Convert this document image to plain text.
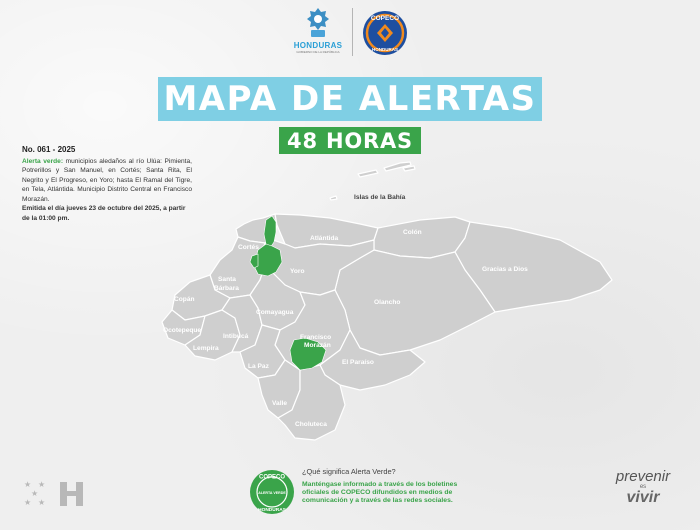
HONDURAS
GOBIERNO DE LA REPÚBLICA
COPECO
HONDURAS
MAPA DE ALERTAS
48 HORAS
No. 061 - 2025
Alerta verde: municipios aledaños al río Ulúa: Pimienta, Potrerillos y San Manuel, en Cortés; Santa Rita, El Negrito y El Progreso, en Yoro; hasta El Ramal del Tigre, en Tela, Atlántida. Municipio Distrito Central en Francisco Morazán.
Emitida el día jueves 23 de octubre del 2025, a partir de la 01:00 pm.
Islas de la Bahía
Cortés
Atlántida
Colón
Gracias a Dios
Santa
Bárbara
Yoro
Copán	Olancho
Ocotepeque
Comayagua
Intibucá
Lempira
Francisco
Morazán
El Paraíso
La Paz
Valle
Choluteca
COPECO
ALERTA VERDE
HONDURAS
¿Qué significa Alerta Verde?
Manténgase informado a través de los boletines oficiales de COPECO difundidos en medios de comunicación y a través de las redes sociales.
★ ★
★
★ ★
prevenir
es
vivir
